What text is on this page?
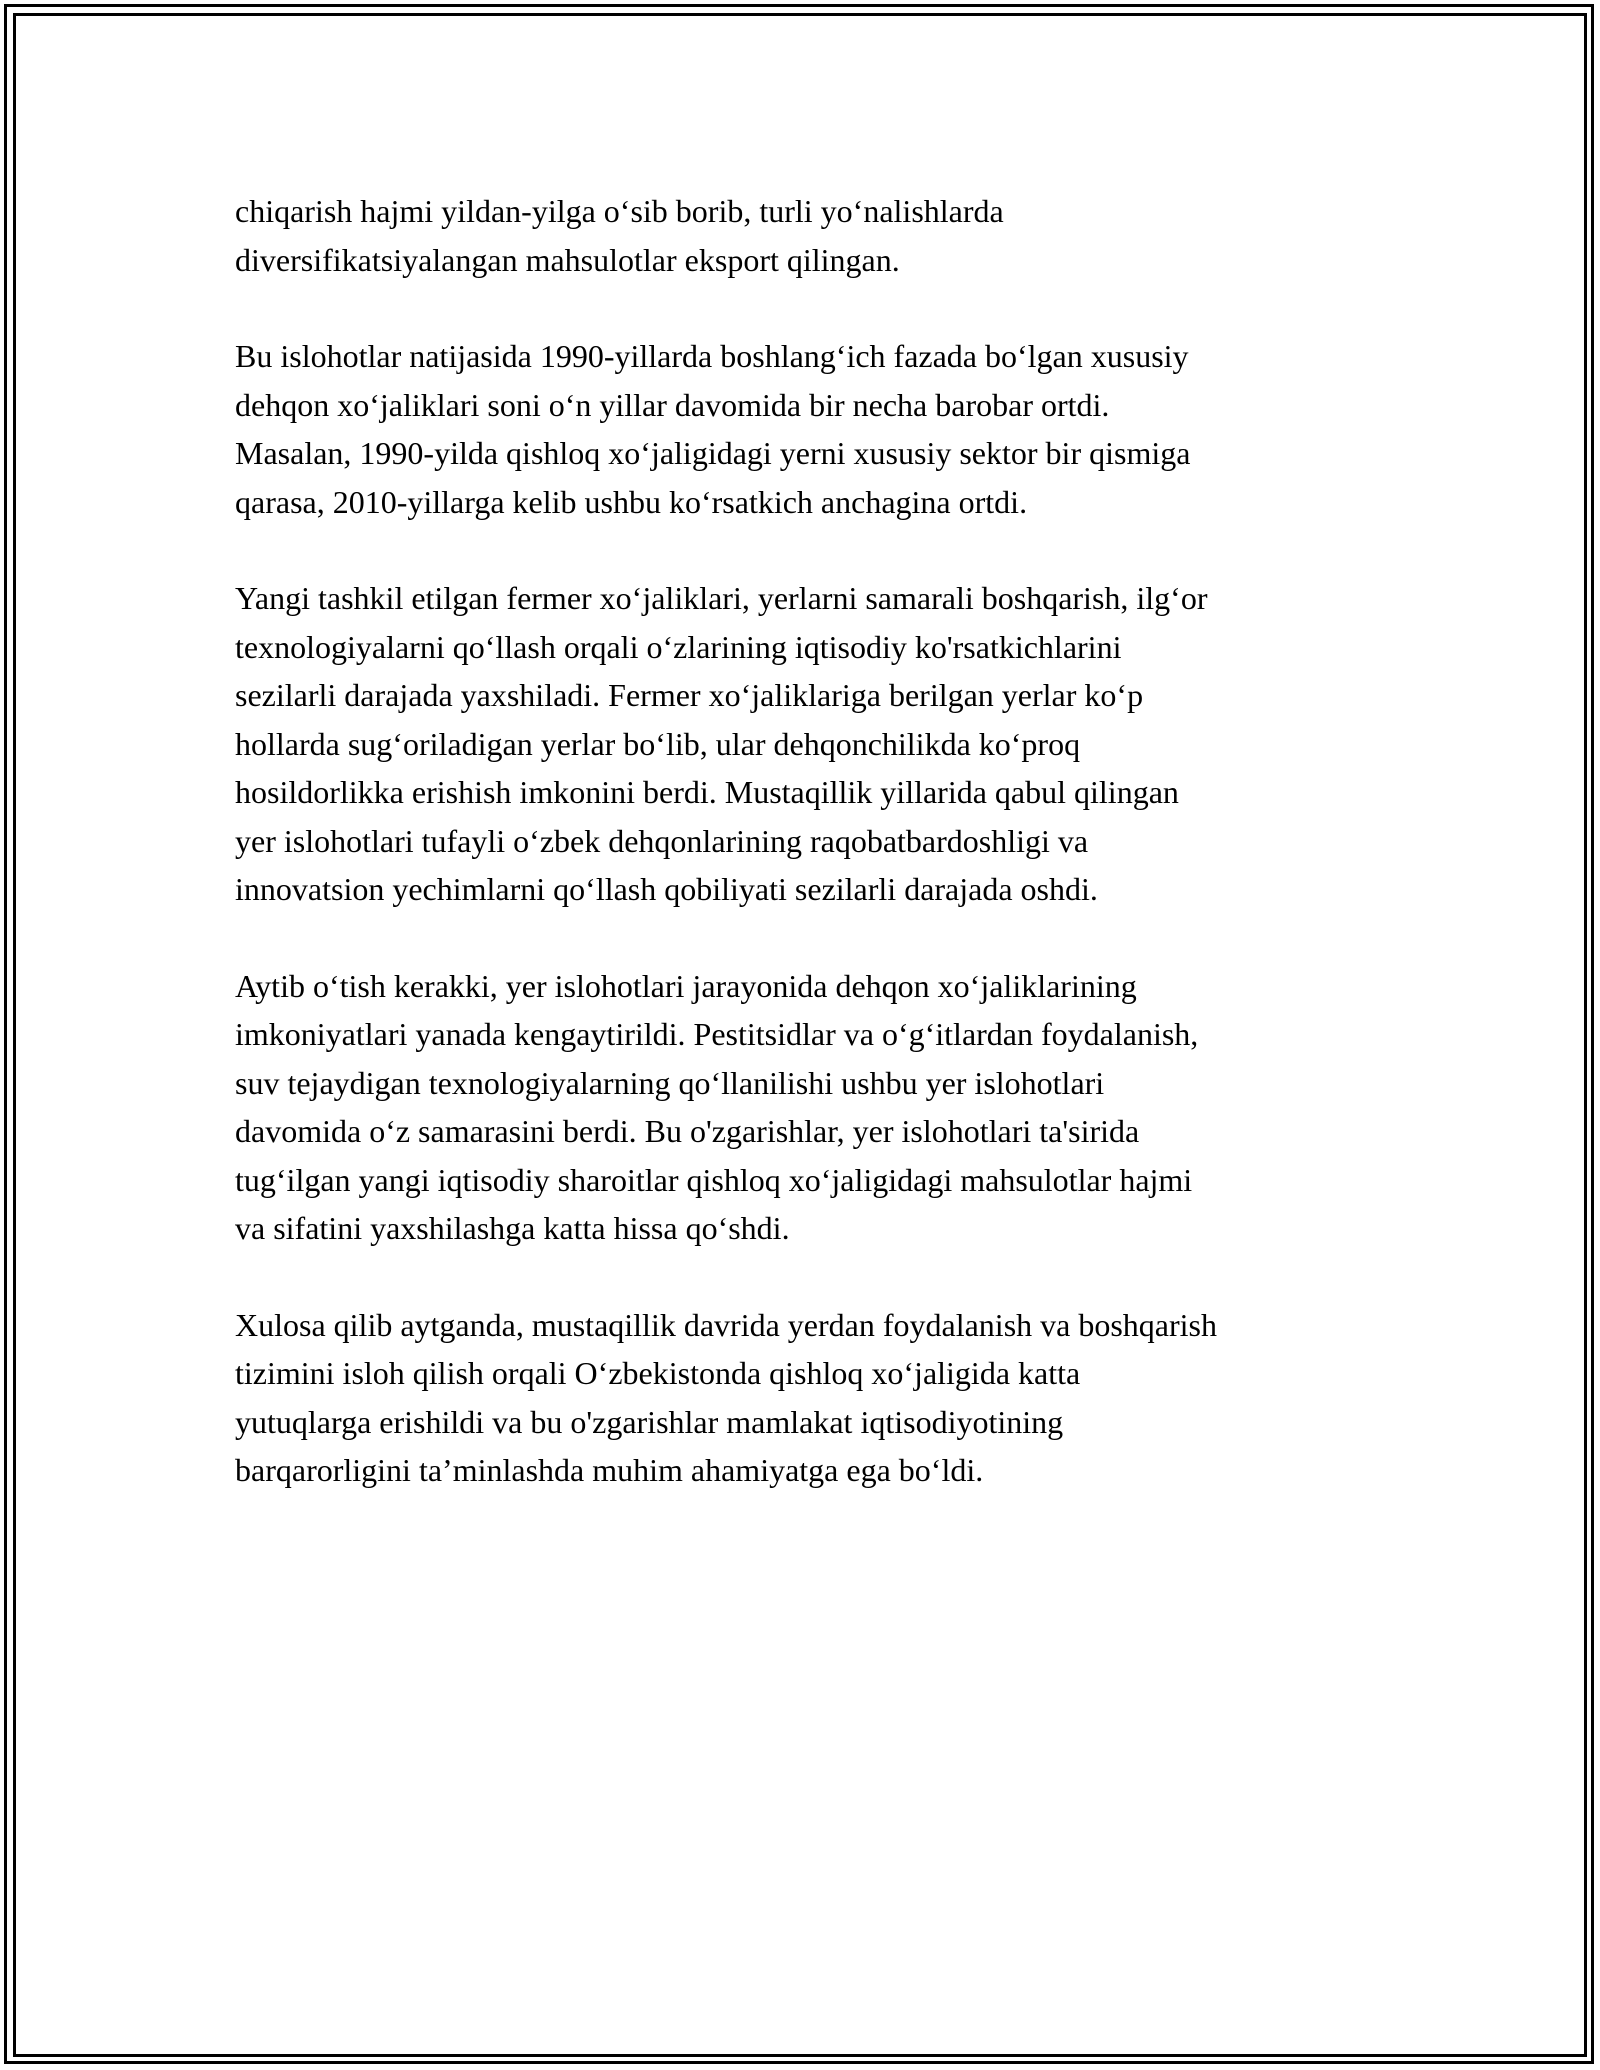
chiqarish hajmi yildan-yilga o‘sib borib, turli yo‘nalishlarda
diversifikatsiyalangan mahsulotlar eksport qilingan.

Bu islohotlar natijasida 1990-yillarda boshlang‘ich fazada bo‘lgan xususiy
dehqon xo‘jaliklari soni o‘n yillar davomida bir necha barobar ortdi.
Masalan, 1990-yilda qishloq xo‘jaligidagi yerni xususiy sektor bir qismiga
qarasa, 2010-yillarga kelib ushbu ko‘rsatkich anchagina ortdi.

Yangi tashkil etilgan fermer xo‘jaliklari, yerlarni samarali boshqarish, ilg‘or
texnologiyalarni qo‘llash orqali o‘zlarining iqtisodiy ko'rsatkichlarini
sezilarli darajada yaxshiladi. Fermer xo‘jaliklariga berilgan yerlar ko‘p
hollarda sug‘oriladigan yerlar bo‘lib, ular dehqonchilikda ko‘proq
hosildorlikka erishish imkonini berdi. Mustaqillik yillarida qabul qilingan
yer islohotlari tufayli o‘zbek dehqonlarining raqobatbardoshligi va
innovatsion yechimlarni qo‘llash qobiliyati sezilarli darajada oshdi.

Aytib o‘tish kerakki, yer islohotlari jarayonida dehqon xo‘jaliklarining
imkoniyatlari yanada kengaytirildi. Pestitsidlar va o‘g‘itlardan foydalanish,
suv tejaydigan texnologiyalarning qo‘llanilishi ushbu yer islohotlari
davomida o‘z samarasini berdi. Bu o'zgarishlar, yer islohotlari ta'sirida
tug‘ilgan yangi iqtisodiy sharoitlar qishloq xo‘jaligidagi mahsulotlar hajmi
va sifatini yaxshilashga katta hissa qo‘shdi.

Xulosa qilib aytganda, mustaqillik davrida yerdan foydalanish va boshqarish
tizimini isloh qilish orqali O‘zbekistonda qishloq xo‘jaligida katta
yutuqlarga erishildi va bu o'zgarishlar mamlakat iqtisodiyotining
barqarorligini ta’minlashda muhim ahamiyatga ega bo‘ldi.
